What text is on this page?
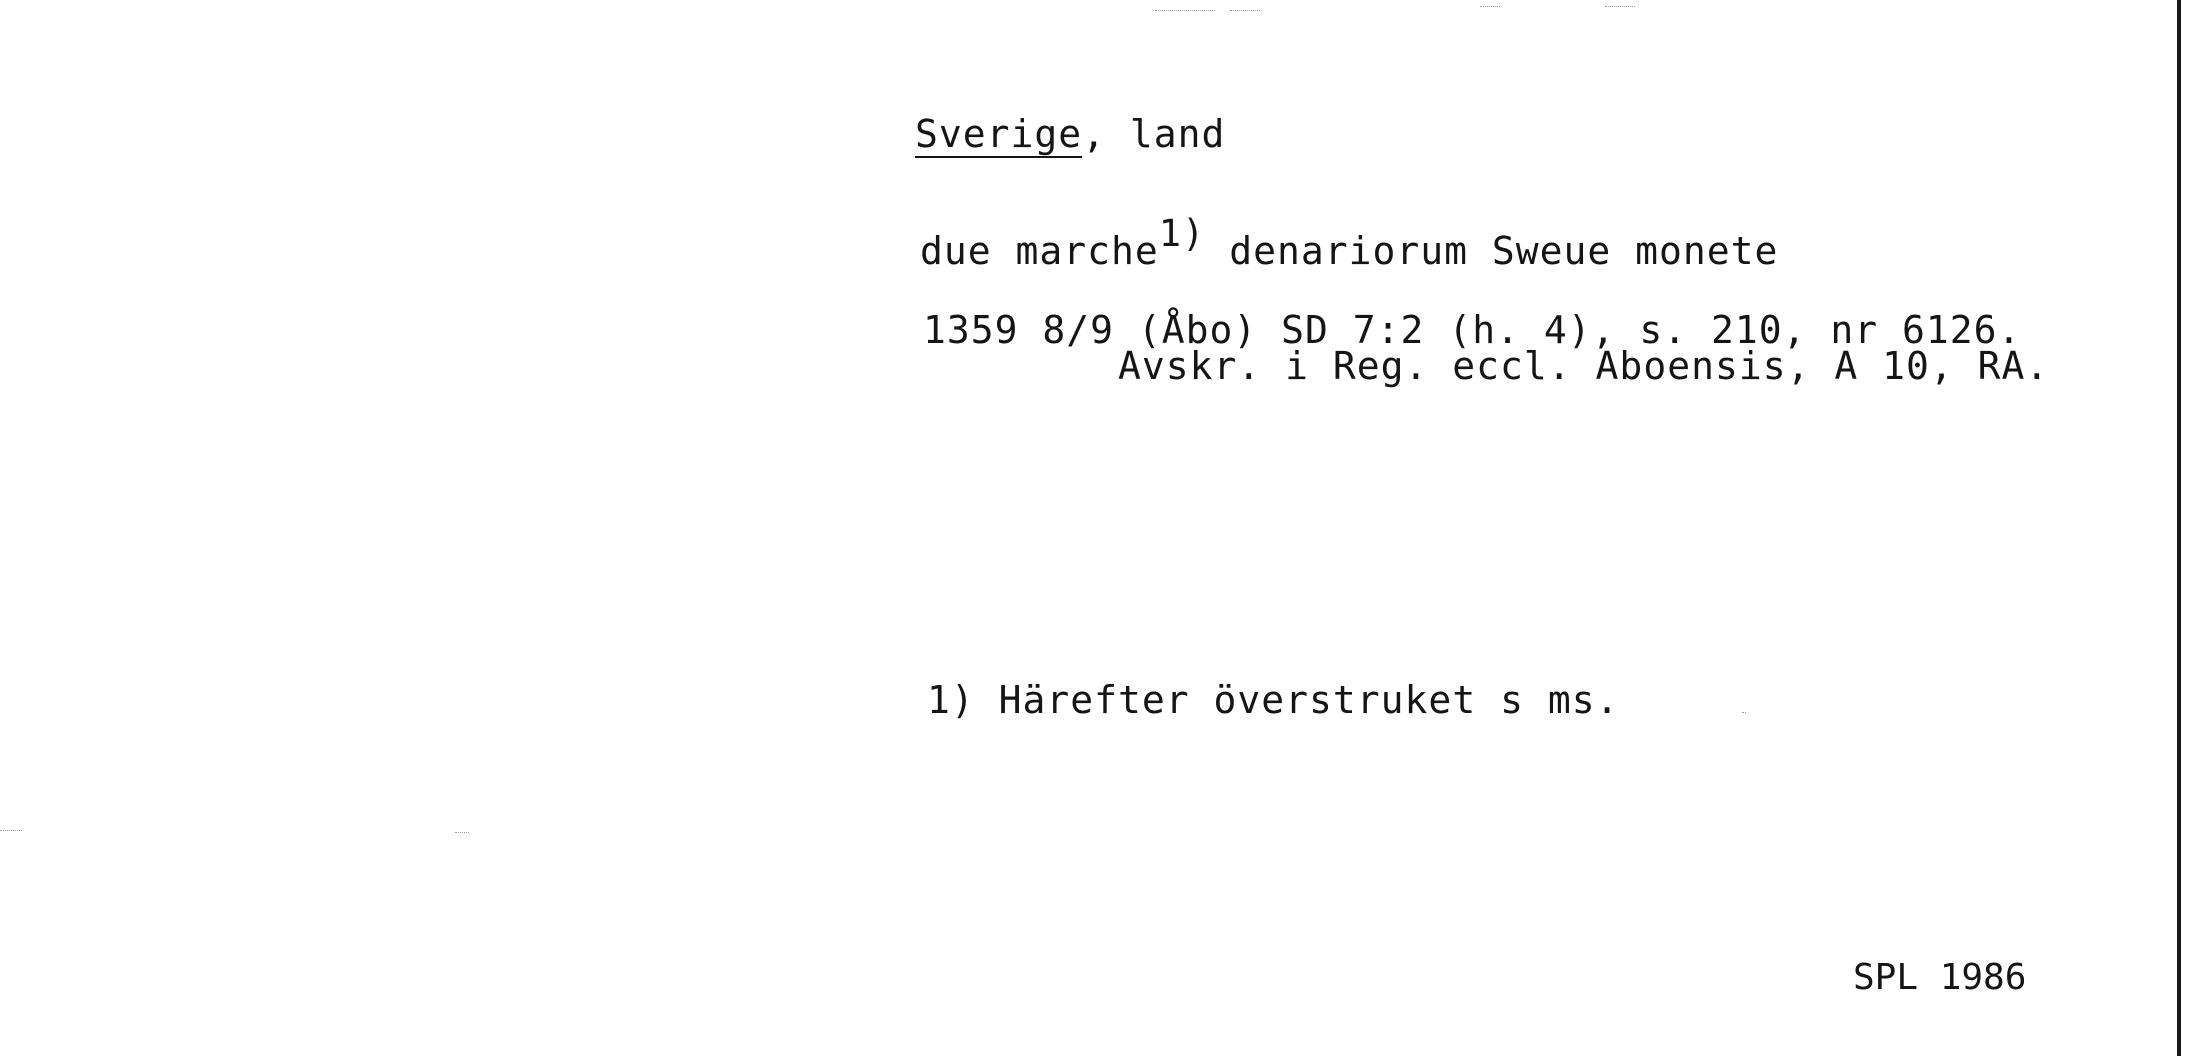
Sverige, land
due marche$^{1)}$ denariorum Sweue monete
1359 8/9 (Åbo) SD 7:2 (h. 4), s. 210, nr 6126.
Avskr. i Reg. eccl. Aboensis, A 10, RA.
1) Härefter överstruket s ms.
SPL 1986
